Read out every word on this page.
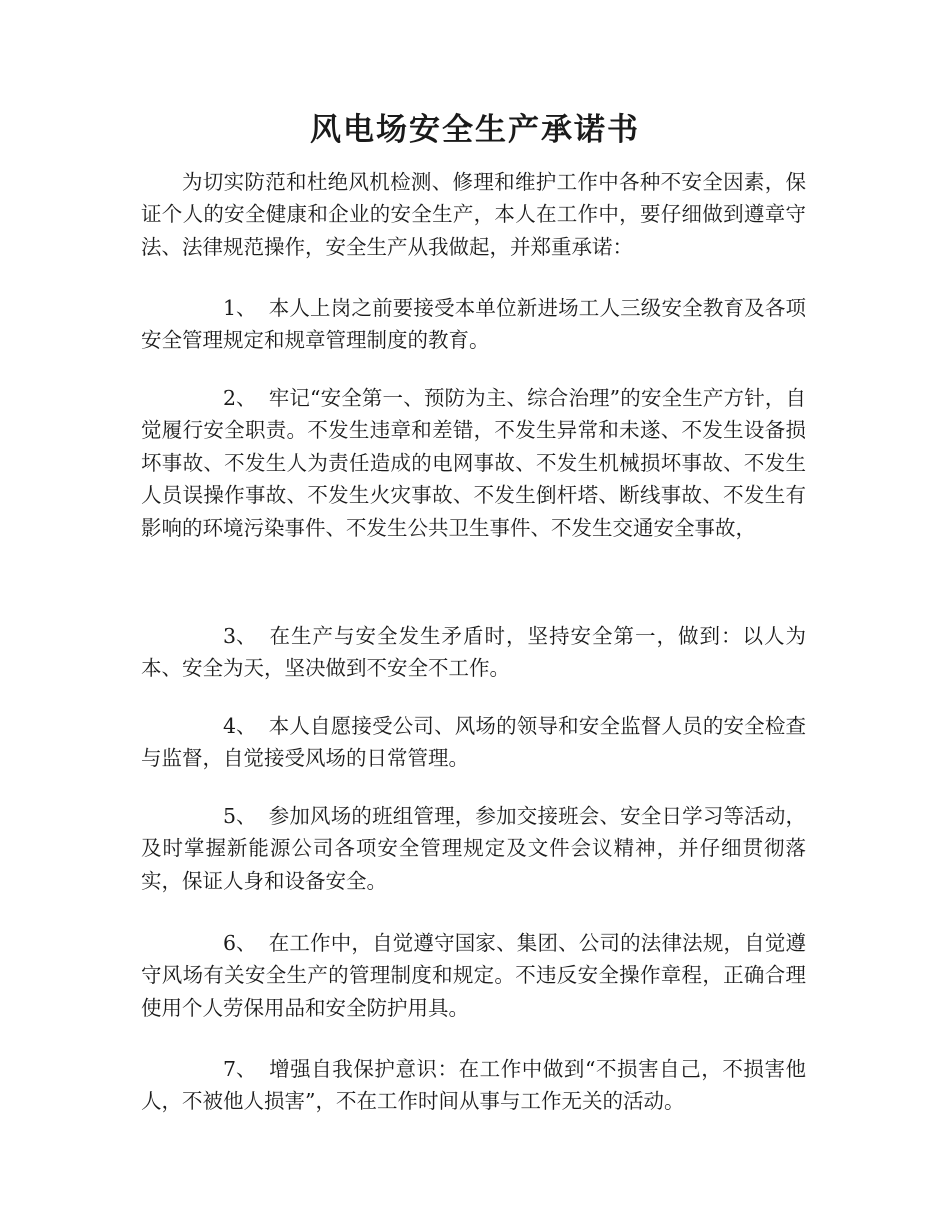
风电场安全生产承诺书

为切实防范和杜绝风机检测、修理和维护工作中各种不安全因素，保证个人的安全健康和企业的安全生产，本人在工作中，要仔细做到遵章守法、法律规范操作，安全生产从我做起，并郑重承诺：

1、 本人上岗之前要接受本单位新进场工人三级安全教育及各项安全管理规定和规章管理制度的教育。

2、 牢记“安全第一、预防为主、综合治理”的安全生产方针，自觉履行安全职责。不发生违章和差错，不发生异常和未遂、不发生设备损坏事故、不发生人为责任造成的电网事故、不发生机械损坏事故、不发生人员误操作事故、不发生火灾事故、不发生倒杆塔、断线事故、不发生有影响的环境污染事件、不发生公共卫生事件、不发生交通安全事故，

3、 在生产与安全发生矛盾时，坚持安全第一，做到：以人为本、安全为天，坚决做到不安全不工作。

4、 本人自愿接受公司、风场的领导和安全监督人员的安全检查与监督，自觉接受风场的日常管理。

5、 参加风场的班组管理，参加交接班会、安全日学习等活动，及时掌握新能源公司各项安全管理规定及文件会议精神，并仔细贯彻落实，保证人身和设备安全。

6、 在工作中，自觉遵守国家、集团、公司的法律法规，自觉遵守风场有关安全生产的管理制度和规定。不违反安全操作章程，正确合理使用个人劳保用品和安全防护用具。

7、 增强自我保护意识：在工作中做到“不损害自己，不损害他人，不被他人损害”，不在工作时间从事与工作无关的活动。
